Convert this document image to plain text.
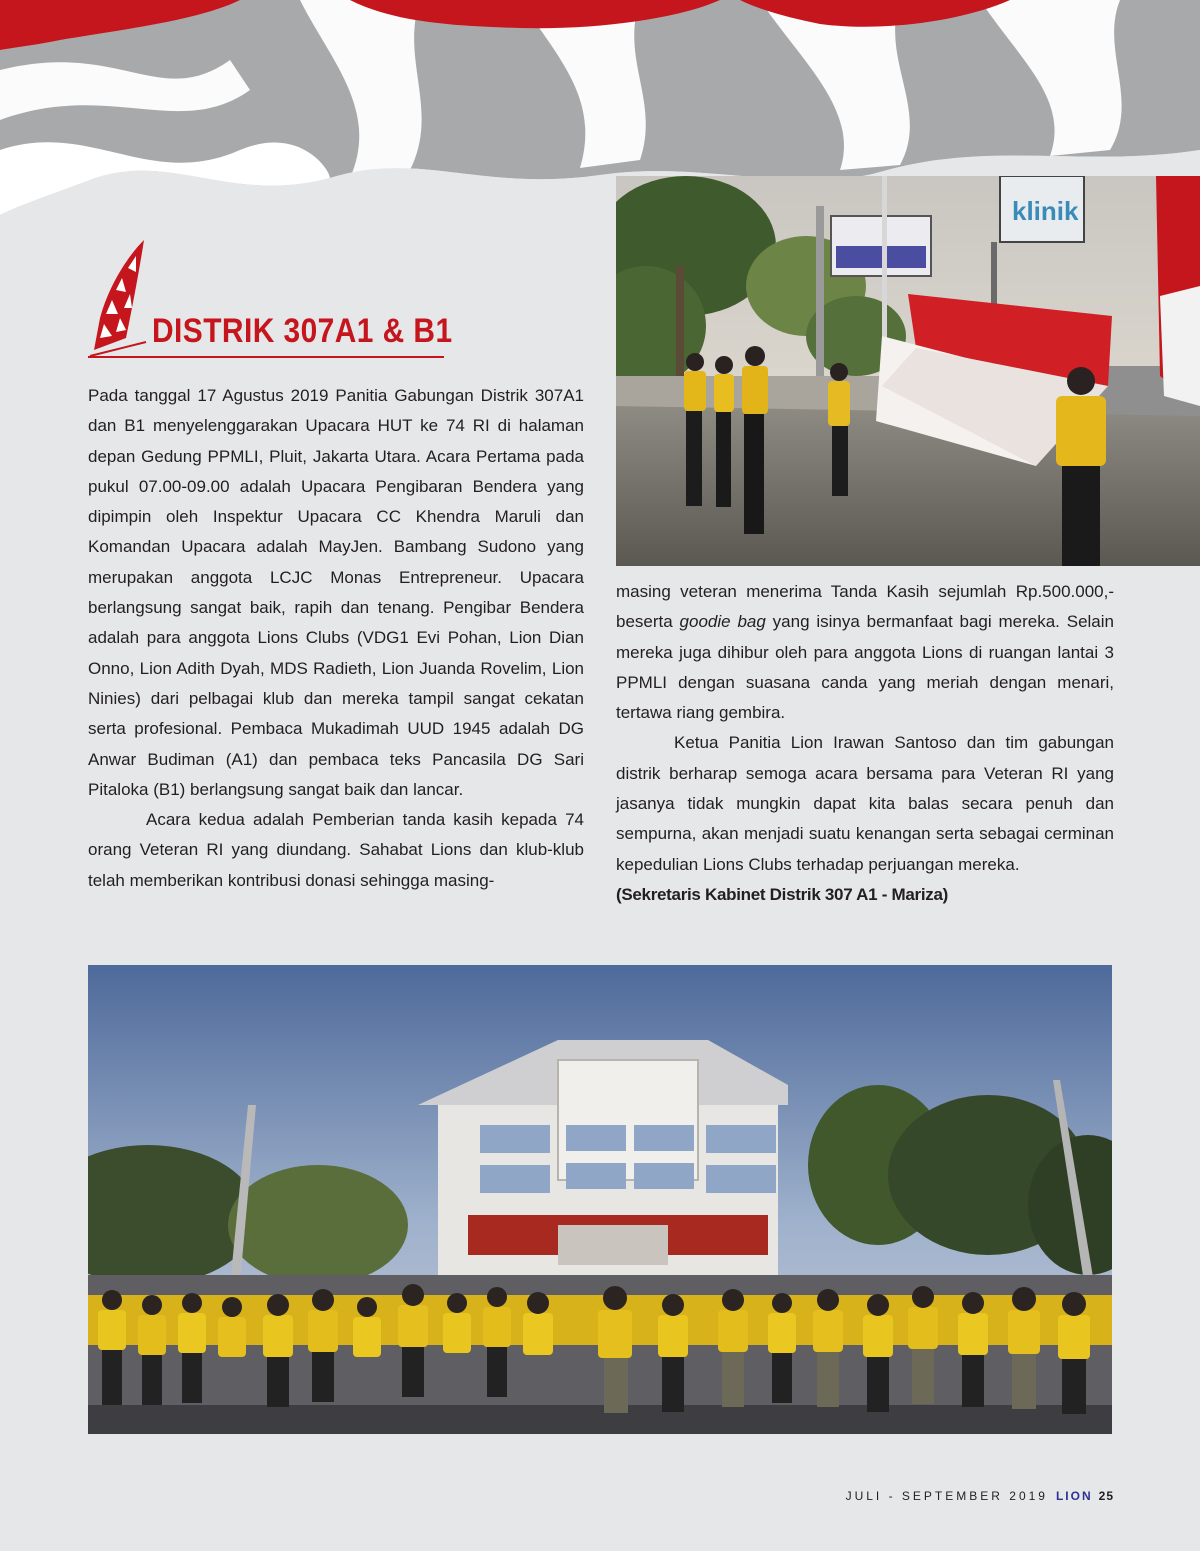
DISTRIK 307A1 & B1

Pada tanggal 17 Agustus 2019 Panitia Gabungan Distrik 307A1 dan B1 menyelenggarakan Upacara HUT ke 74 RI di halaman depan Gedung PPMLI, Pluit, Jakarta Utara. Acara Pertama pada pukul 07.00-09.00 adalah Upacara Pengibaran Bendera yang dipimpin oleh Inspektur Upacara CC Khendra Maruli dan Komandan Upacara adalah MayJen. Bambang Sudono yang merupakan anggota LCJC Monas Entrepreneur. Upacara berlangsung sangat baik, rapih dan tenang. Pengibar Bendera adalah para anggota Lions Clubs (VDG1 Evi Pohan, Lion Dian Onno, Lion Adith Dyah, MDS Radieth, Lion Juanda Rovelim, Lion Ninies) dari pelbagai klub dan mereka tampil sangat cekatan serta profesional. Pembaca Mukadimah UUD 1945 adalah DG Anwar Budiman (A1) dan pembaca teks Pancasila DG Sari Pitaloka (B1) berlangsung sangat baik dan lancar.

Acara kedua adalah Pemberian tanda kasih kepada 74 orang Veteran RI yang diundang. Sahabat Lions dan klub-klub telah memberikan kontribusi donasi sehingga masing-

masing veteran menerima Tanda Kasih sejumlah Rp.500.000,- beserta goodie bag yang isinya bermanfaat bagi mereka. Selain mereka juga dihibur oleh para anggota Lions di ruangan lantai 3 PPMLI dengan suasana canda yang meriah dengan menari, tertawa riang gembira.

Ketua Panitia Lion Irawan Santoso dan tim gabungan distrik berharap semoga acara bersama para Veteran RI yang jasanya tidak mungkin dapat kita balas secara penuh dan sempurna, akan menjadi suatu kenangan serta sebagai cerminan kepedulian Lions Clubs terhadap perjuangan mereka.

(Sekretaris Kabinet Distrik 307 A1 - Mariza)

klinik
JULI - SEPTEMBER 2019 LION 25
